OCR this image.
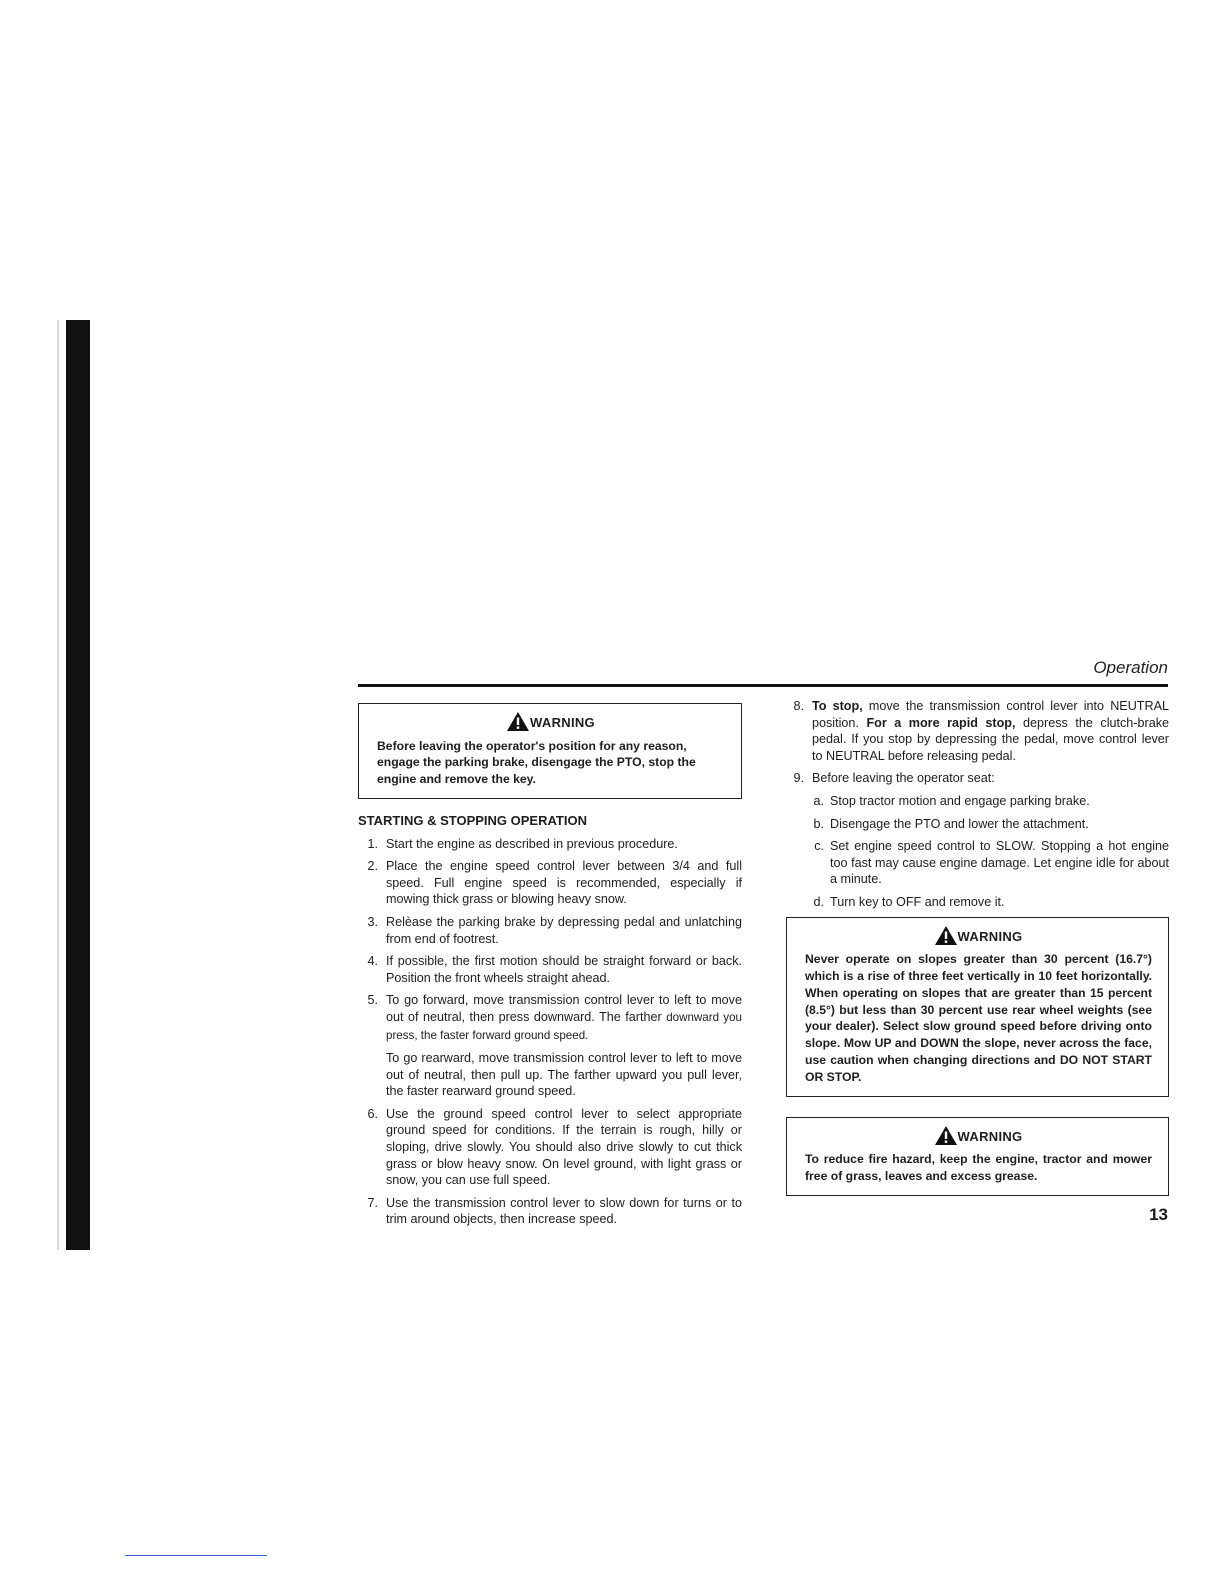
Operation
WARNING
Before leaving the operator's position for any reason, engage the parking brake, disengage the PTO, stop the engine and remove the key.
STARTING & STOPPING OPERATION
1. Start the engine as described in previous procedure.
2. Place the engine speed control lever between 3/4 and full speed. Full engine speed is recommended, especially if mowing thick grass or blowing heavy snow.
3. Relèase the parking brake by depressing pedal and unlatching from end of footrest.
4. If possible, the first motion should be straight forward or back. Position the front wheels straight ahead.
5. To go forward, move transmission control lever to left to move out of neutral, then press downward. The farther downward you press, the faster forward ground speed.

To go rearward, move transmission control lever to left to move out of neutral, then pull up. The farther upward you pull lever, the faster rearward ground speed.

6. Use the ground speed control lever to select appropriate ground speed for conditions. If the terrain is rough, hilly or sloping, drive slowly. You should also drive slowly to cut thick grass or blow heavy snow. On level ground, with light grass or snow, you can use full speed.
7. Use the transmission control lever to slow down for turns or to trim around objects, then increase speed.
8. To stop, move the transmission control lever into NEUTRAL position. For a more rapid stop, depress the clutch-brake pedal. If you stop by depressing the pedal, move control lever to NEUTRAL before releasing pedal.
9. Before leaving the operator seat:
a. Stop tractor motion and engage parking brake.
b. Disengage the PTO and lower the attachment.
c. Set engine speed control to SLOW. Stopping a hot engine too fast may cause engine damage. Let engine idle for about a minute.
d. Turn key to OFF and remove it.
WARNING
Never operate on slopes greater than 30 percent (16.7°) which is a rise of three feet vertically in 10 feet horizontally. When operating on slopes that are greater than 15 percent (8.5°) but less than 30 percent use rear wheel weights (see your dealer). Select slow ground speed before driving onto slope. Mow UP and DOWN the slope, never across the face, use caution when changing directions and DO NOT START OR STOP.
WARNING
To reduce fire hazard, keep the engine, tractor and mower free of grass, leaves and excess grease.
13
